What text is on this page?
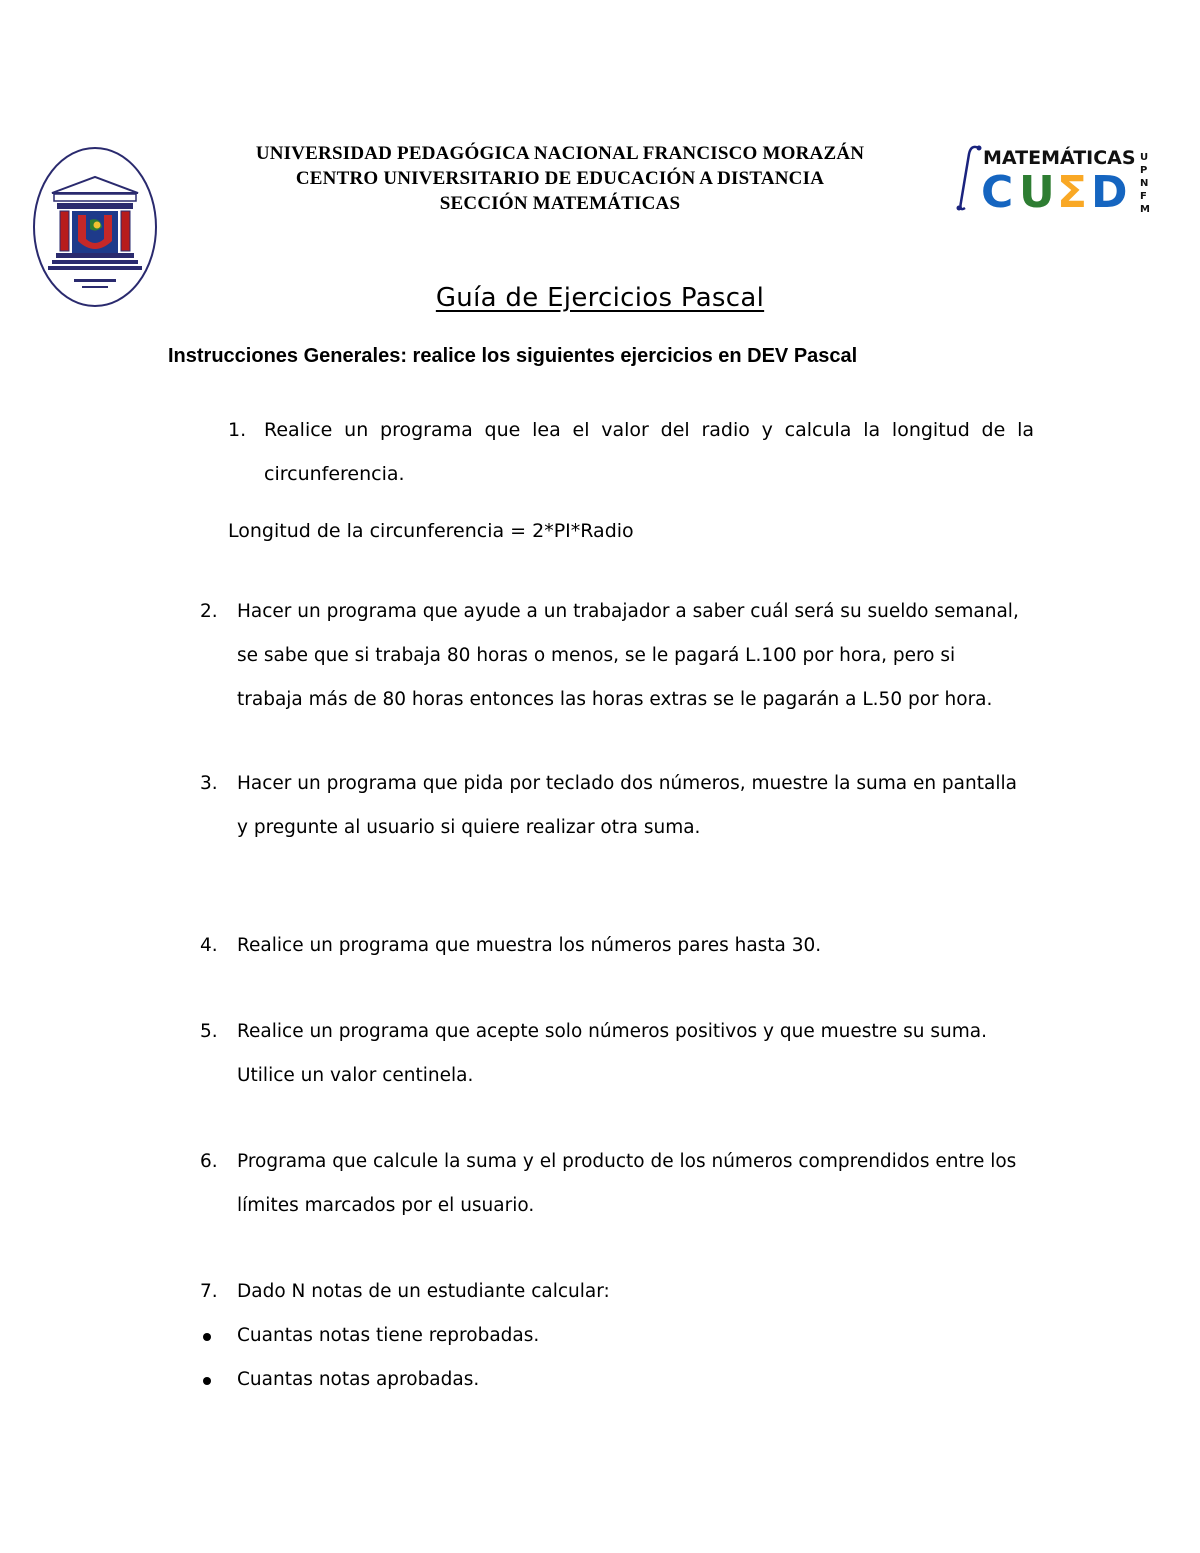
UNIVERSIDAD PEDAGÓGICA NACIONAL FRANCISCO MORAZÁN
CENTRO UNIVERSITARIO DE EDUCACIÓN A DISTANCIA
SECCIÓN MATEMÁTICAS
MATEMÁTICAS
C U Σ D
U
P
N
F
M
Guía de Ejercicios Pascal
Instrucciones Generales: realice los siguientes ejercicios en DEV Pascal
1. Realice un programa que lea el valor del radio y calcula la longitud de la
circunferencia.
Longitud de la circunferencia = 2*PI*Radio
2.	Hacer un programa que ayude a un trabajador a saber cuál será su sueldo semanal,
se sabe que si trabaja 80 horas o menos, se le pagará L.100 por hora, pero si
trabaja más de 80 horas entonces las horas extras se le pagarán a L.50 por hora.
3.	Hacer un programa que pida por teclado dos números, muestre la suma en pantalla
y pregunte al usuario si quiere realizar otra suma.
4.	Realice un programa que muestra los números pares hasta 30.
5.	Realice un programa que acepte solo números positivos y que muestre su suma.
Utilice un valor centinela.
6.	Programa que calcule la suma y el producto de los números comprendidos entre los
límites marcados por el usuario.
7.	Dado N notas de un estudiante calcular:
Cuantas notas tiene reprobadas.
Cuantas notas aprobadas.
